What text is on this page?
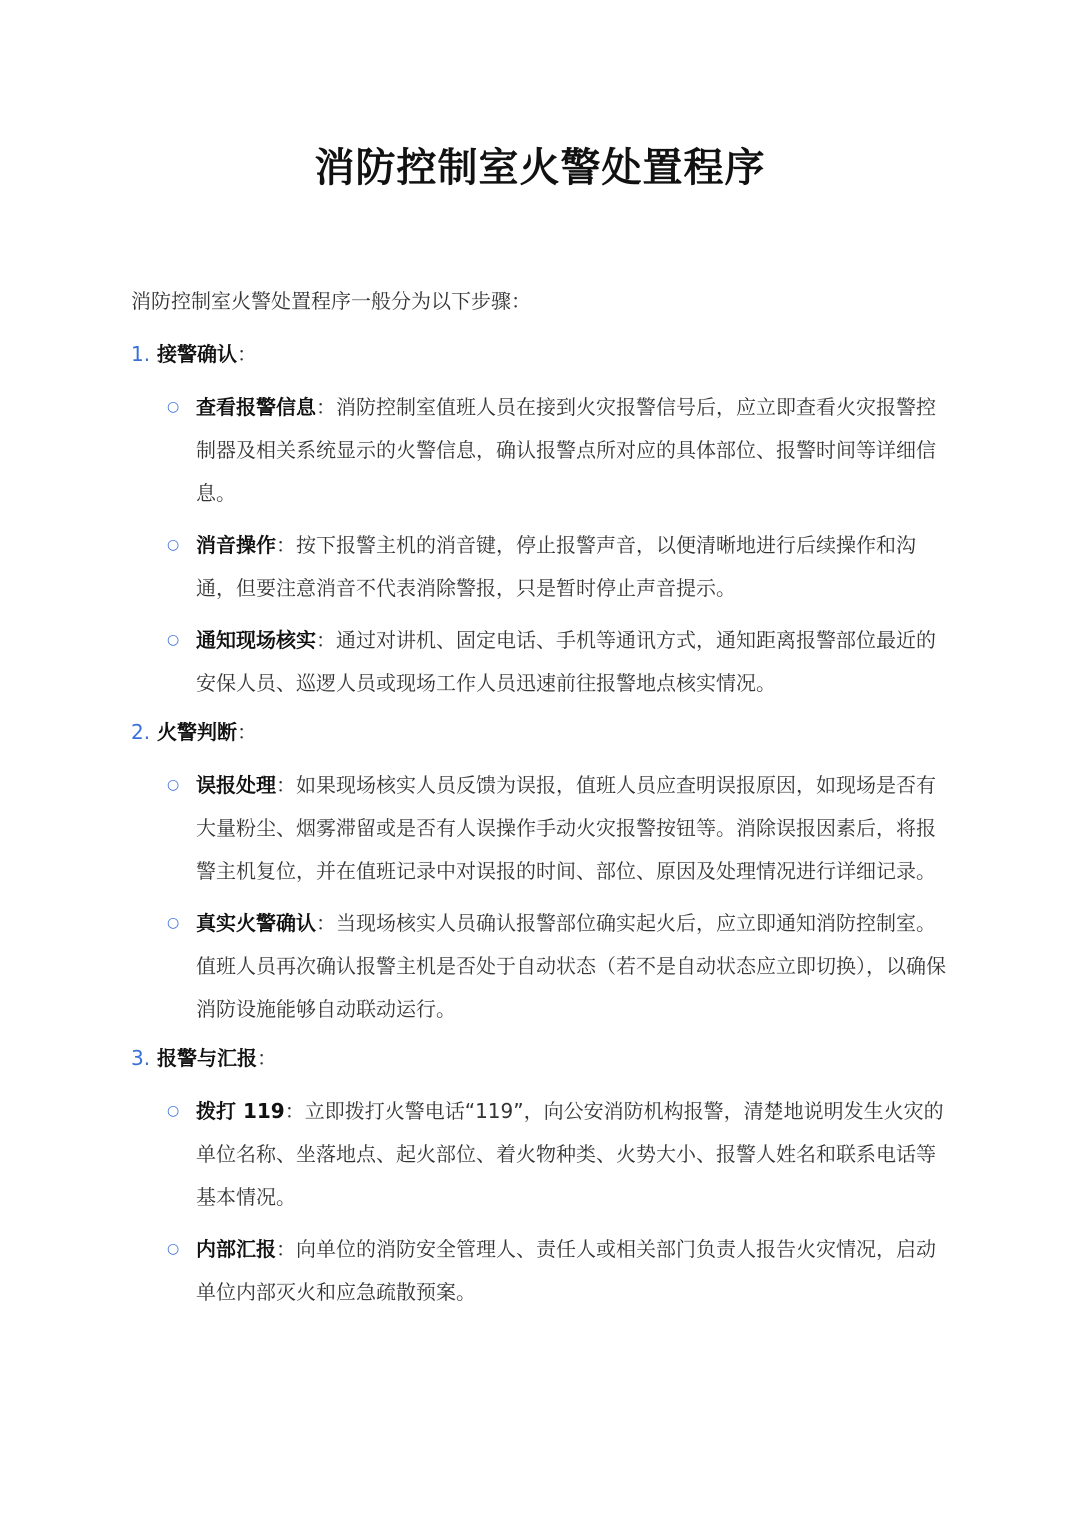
消防控制室火警处置程序

消防控制室火警处置程序一般分为以下步骤：

1. 接警确认 ：
○ 查看报警信息：消防控制室值班人员在接到火灾报警信号后，应立即查看火灾报警控制器及相关系统显示的火警信息，确认报警点所对应的具体部位、报警时间等详细信息。
○ 消音操作：按下报警主机的消音键，停止报警声音，以便清晰地进行后续操作和沟通，但要注意消音不代表消除警报，只是暂时停止声音提示。
○ 通知现场核实：通过对讲机、固定电话、手机等通讯方式，通知距离报警部位最近的安保人员、巡逻人员或现场工作人员迅速前往报警地点核实情况。
2. 火警判断 ：
○ 误报处理：如果现场核实人员反馈为误报，值班人员应查明误报原因，如现场是否有大量粉尘、烟雾滞留或是否有人误操作手动火灾报警按钮等。消除误报因素后，将报警主机复位，并在值班记录中对误报的时间、部位、原因及处理情况进行详细记录。
○ 真实火警确认：当现场核实人员确认报警部位确实起火后，应立即通知消防控制室。值班人员再次确认报警主机是否处于自动状态（若不是自动状态应立即切换），以确保消防设施能够自动联动运行。
3. 报警与汇报 ：
○ 拨打 119：立即拨打火警电话“119”，向公安消防机构报警，清楚地说明发生火灾的单位名称、坐落地点、起火部位、着火物种类、火势大小、报警人姓名和联系电话等基本情况。
○ 内部汇报：向单位的消防安全管理人、责任人或相关部门负责人报告火灾情况，启动单位内部灭火和应急疏散预案。
